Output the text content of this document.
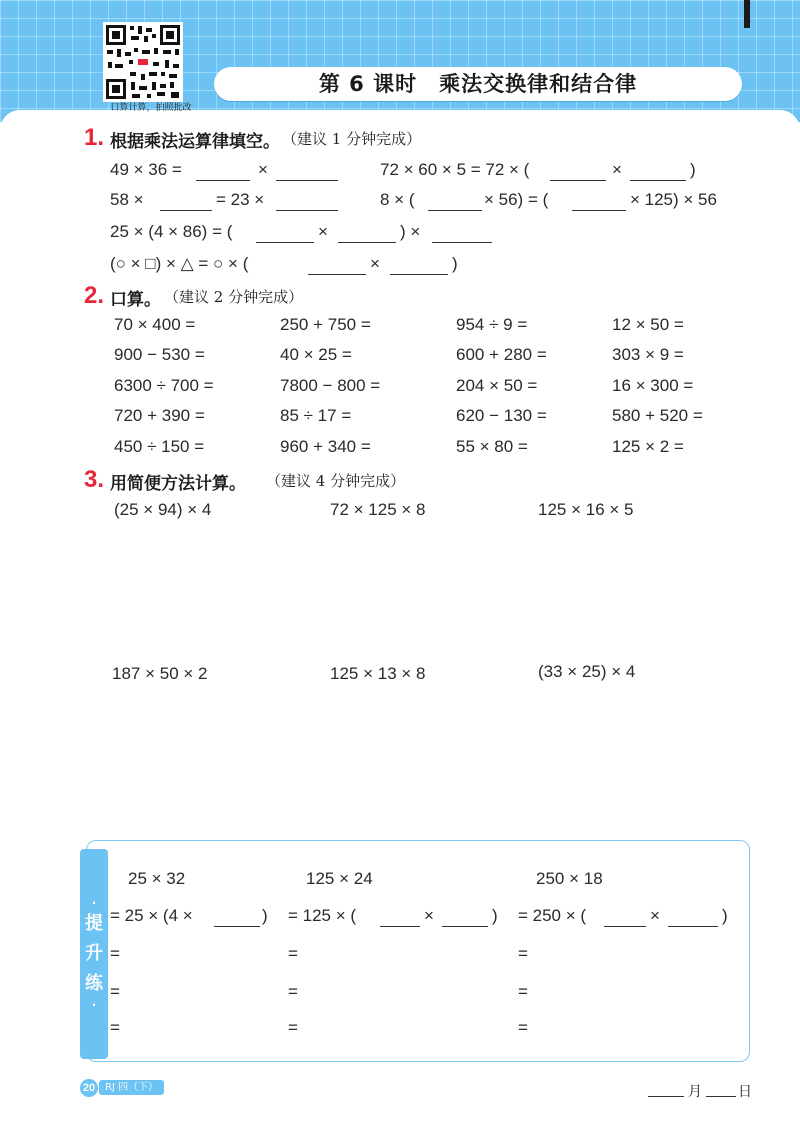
口算计算，拍照批改
第 6 课时　乘法交换律和结合律
1. 根据乘法运算律填空。 （建议 1 分钟完成）
49 × 36 =	×	72 × 60 × 5 = 72 × (	×	)
58 ×	= 23 ×	8 × (	× 56) = (	× 125) × 56
25 × (4 × 86) = (	×	) ×
(○ × □) × △ = ○ × (	×	)
2. 口算。 （建议 2 分钟完成）
70 × 400 =	250 + 750 =	954 ÷ 9 =	12 × 50 =
900 − 530 =	40 × 25 =	600 + 280 =	303 × 9 =
6300 ÷ 700 =	7800 − 800 =	204 × 50 =	16 × 300 =
720 + 390 =	85 ÷ 17 =	620 − 130 =	580 + 520 =
450 ÷ 150 =	960 + 340 =	55 × 80 =	125 × 2 =
3. 用简便方法计算。 （建议 4 分钟完成）
(25 × 94) × 4	72 × 125 × 8	125 × 16 × 5
187 × 50 × 2	125 × 13 × 8	(33 × 25) × 4
·
提升练
·
25 × 32	125 × 24	250 × 18
= 25 × (4 ×	) = 125 × (	×	) = 250 × (	×	)
=	=	=
=	=	=
=	=	=
20 RJ 四（下）	月	日
